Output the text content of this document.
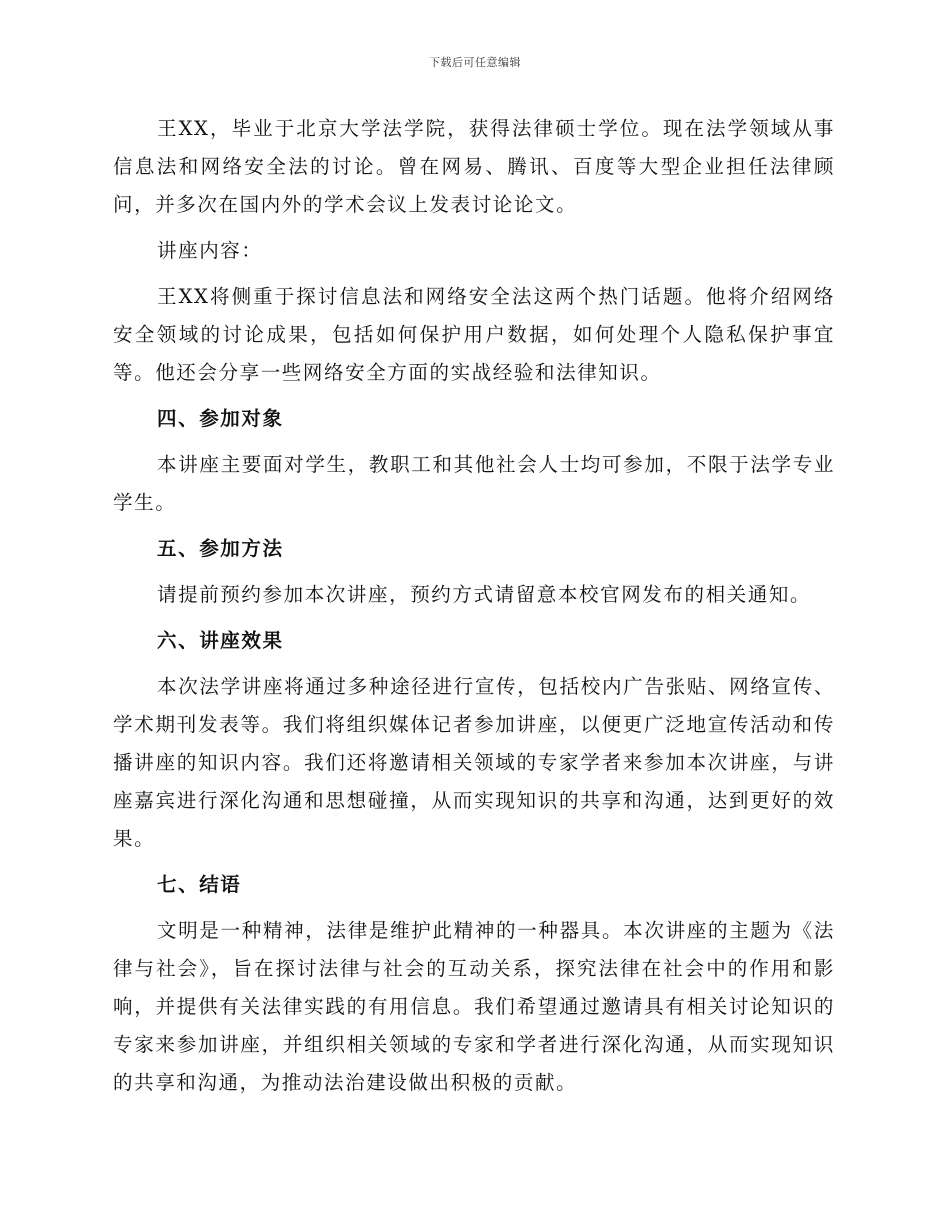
下载后可任意编辑

王XX，毕业于北京大学法学院，获得法律硕士学位。现在法学领域从事信息法和网络安全法的讨论。曾在网易、腾讯、百度等大型企业担任法律顾问，并多次在国内外的学术会议上发表讨论论文。

讲座内容：

王XX将侧重于探讨信息法和网络安全法这两个热门话题。他将介绍网络安全领域的讨论成果，包括如何保护用户数据，如何处理个人隐私保护事宜等。他还会分享一些网络安全方面的实战经验和法律知识。

四、参加对象

本讲座主要面对学生，教职工和其他社会人士均可参加，不限于法学专业学生。

五、参加方法

请提前预约参加本次讲座，预约方式请留意本校官网发布的相关通知。

六、讲座效果

本次法学讲座将通过多种途径进行宣传，包括校内广告张贴、网络宣传、学术期刊发表等。我们将组织媒体记者参加讲座，以便更广泛地宣传活动和传播讲座的知识内容。我们还将邀请相关领域的专家学者来参加本次讲座，与讲座嘉宾进行深化沟通和思想碰撞，从而实现知识的共享和沟通，达到更好的效果。

七、结语

文明是一种精神，法律是维护此精神的一种器具。本次讲座的主题为《法律与社会》，旨在探讨法律与社会的互动关系，探究法律在社会中的作用和影响，并提供有关法律实践的有用信息。我们希望通过邀请具有相关讨论知识的专家来参加讲座，并组织相关领域的专家和学者进行深化沟通，从而实现知识的共享和沟通，为推动法治建设做出积极的贡献。
